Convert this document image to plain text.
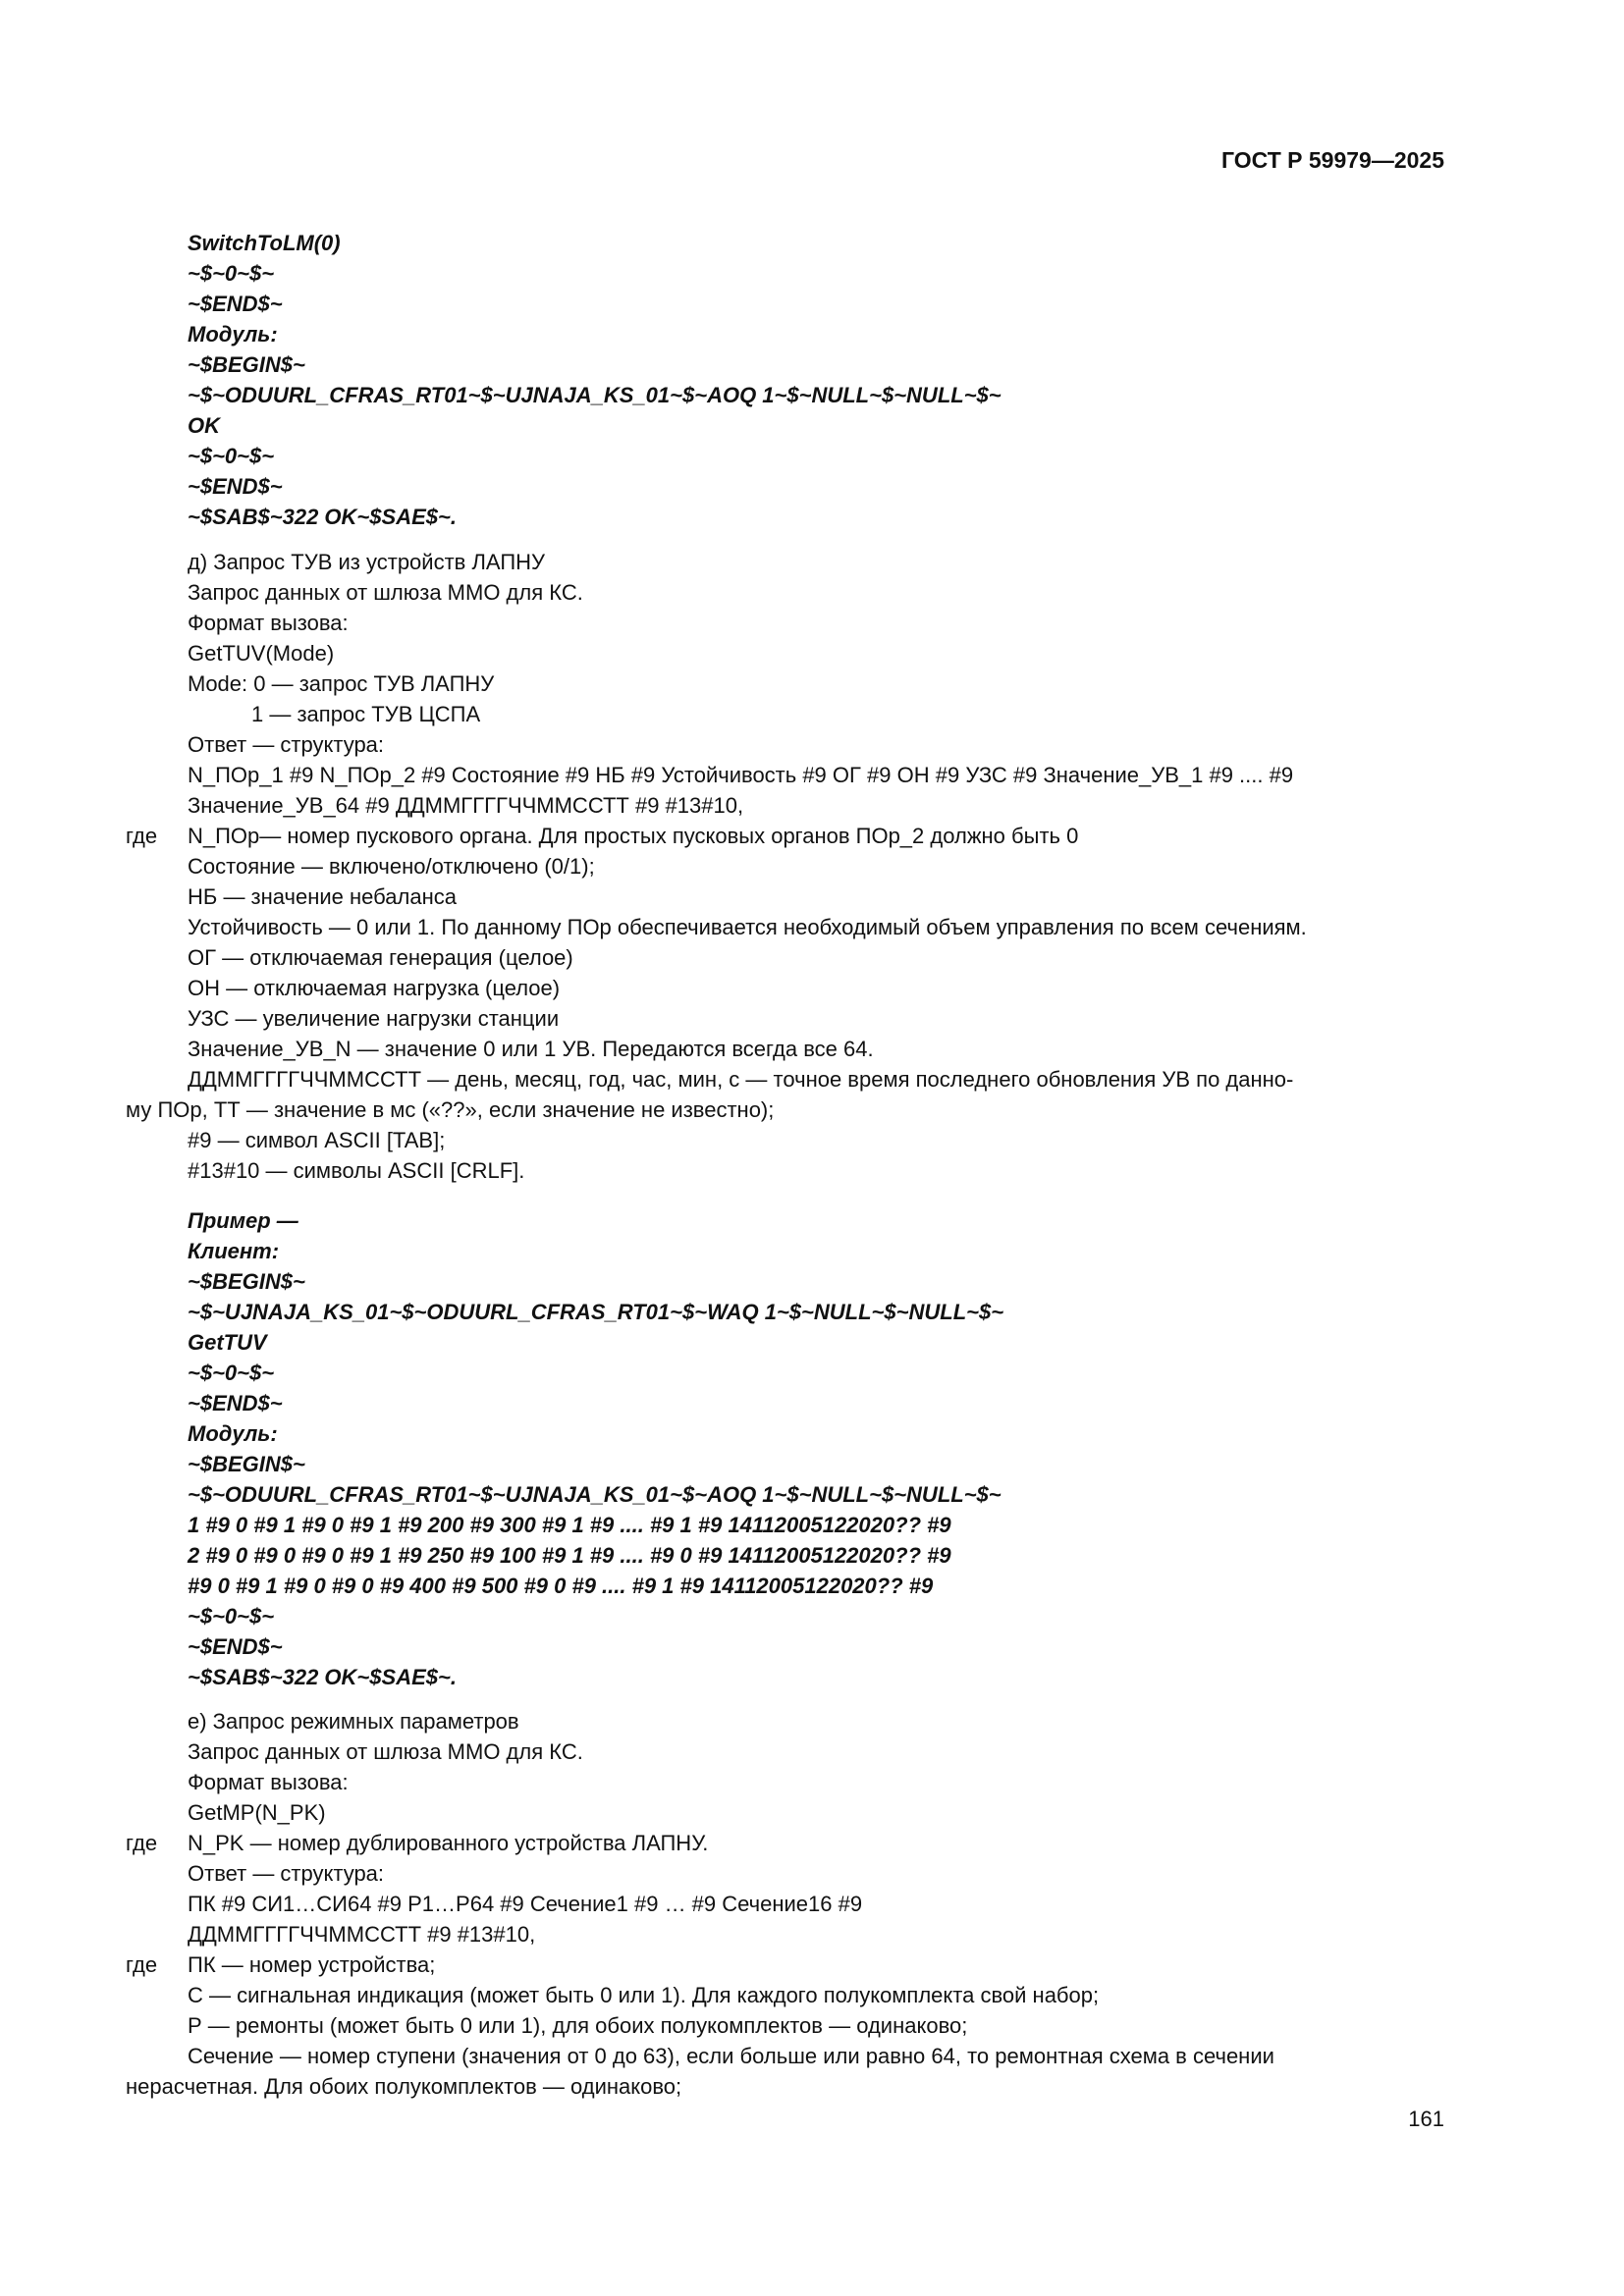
ГОСТ Р 59979—2025
SwitchToLM(0)
~$~0~$~
~$END$~
Модуль:
~$BEGIN$~
~$~ODUURL_CFRAS_RT01~$~UJNAJA_KS_01~$~AOQ 1~$~NULL~$~NULL~$~
OK
~$~0~$~
~$END$~
~$SAB$~322 OK~$SAE$~.
д) Запрос ТУВ из устройств ЛАПНУ
Запрос данных от шлюза ММО для КС.
Формат вызова:
GetTUV(Mode)
Mode: 0 — запрос ТУВ ЛАПНУ
1 — запрос ТУВ ЦСПА
Ответ — структура:
N_ПОр_1 #9 N_ПОр_2 #9 Состояние #9 НБ #9 Устойчивость #9 ОГ #9 ОН #9 УЗС #9 Значение_УВ_1 #9 .... #9
Значение_УВ_64 #9 ДДММГГГГЧЧММССТТ #9 #13#10,
где N_ПОр— номер пускового органа. Для простых пусковых органов ПОр_2 должно быть 0
Состояние — включено/отключено (0/1);
НБ — значение небаланса
Устойчивость — 0 или 1. По данному ПОр обеспечивается необходимый объем управления по всем сечениям.
ОГ — отключаемая генерация (целое)
ОН — отключаемая нагрузка (целое)
УЗС — увеличение нагрузки станции
Значение_УВ_N — значение 0 или 1 УВ. Передаются всегда все 64.
ДДММГГГГЧЧММССТТ — день, месяц, год, час, мин, с — точное время последнего обновления УВ по данно-
му ПОр, ТТ — значение в мс («??», если значение не известно);
#9 — символ ASCII [TAB];
#13#10 — символы ASCII [CRLF].
Пример —
Клиент:
~$BEGIN$~
~$~UJNAJA_KS_01~$~ODUURL_CFRAS_RT01~$~WAQ 1~$~NULL~$~NULL~$~
GetTUV
~$~0~$~
~$END$~
Модуль:
~$BEGIN$~
~$~ODUURL_CFRAS_RT01~$~UJNAJA_KS_01~$~AOQ 1~$~NULL~$~NULL~$~
1 #9 0 #9 1 #9 0 #9 1 #9 200 #9 300 #9 1 #9 .... #9 1 #9 14112005122020?? #9
2 #9 0 #9 0 #9 0 #9 1 #9 250 #9 100 #9 1 #9 .... #9 0 #9 14112005122020?? #9
#9 0 #9 1 #9 0 #9 0 #9 400 #9 500 #9 0 #9 .... #9 1 #9 14112005122020?? #9
~$~0~$~
~$END$~
~$SAB$~322 OK~$SAE$~.
е) Запрос режимных параметров
Запрос данных от шлюза ММО для КС.
Формат вызова:
GetMP(N_PK)
где N_PK — номер дублированного устройства ЛАПНУ.
Ответ — структура:
ПК #9 СИ1…СИ64 #9 Р1…Р64 #9 Сечение1 #9 … #9 Сечение16 #9
ДДММГГГГЧЧММССТТ #9 #13#10,
где ПК — номер устройства;
С — сигнальная индикация (может быть 0 или 1). Для каждого полукомплекта свой набор;
Р — ремонты (может быть 0 или 1), для обоих полукомплектов — одинаково;
Сечение — номер ступени (значения от 0 до 63), если больше или равно 64, то ремонтная схема в сечении
нерасчетная. Для обоих полукомплектов — одинаково;
161
